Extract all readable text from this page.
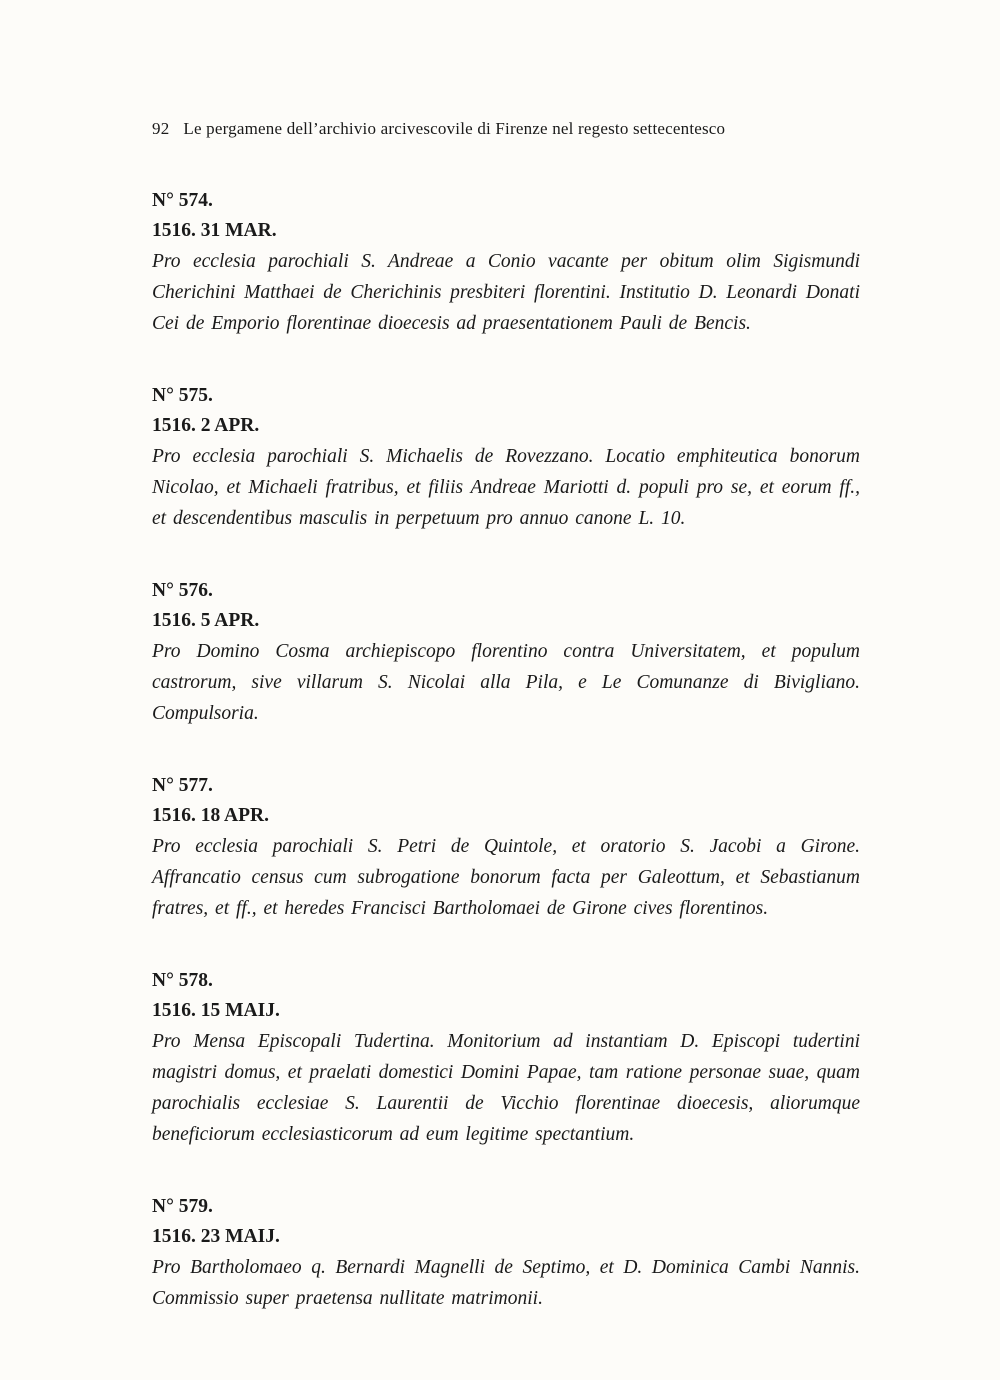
92 Le pergamene dell’archivio arcivescovile di Firenze nel regesto settecentesco
N° 574.
1516. 31 MAR.
Pro ecclesia parochiali S. Andreae a Conio vacante per obitum olim Sigismundi Cherichini Matthaei de Cherichinis presbiteri florentini. Institutio D. Leonardi Donati Cei de Emporio florentinae dioecesis ad praesentationem Pauli de Bencis.
N° 575.
1516. 2 APR.
Pro ecclesia parochiali S. Michaelis de Rovezzano. Locatio emphiteutica bonorum Nicolao, et Michaeli fratribus, et filiis Andreae Mariotti d. populi pro se, et eorum ff., et descendentibus masculis in perpetuum pro annuo canone L. 10.
N° 576.
1516. 5 APR.
Pro Domino Cosma archiepiscopo florentino contra Universitatem, et populum castrorum, sive villarum S. Nicolai alla Pila, e Le Comunanze di Bivigliano. Compulsoria.
N° 577.
1516. 18 APR.
Pro ecclesia parochiali S. Petri de Quintole, et oratorio S. Jacobi a Girone. Affrancatio census cum subrogatione bonorum facta per Galeottum, et Sebastianum fratres, et ff., et heredes Francisci Bartholomaei de Girone cives florentinos.
N° 578.
1516. 15 MAIJ.
Pro Mensa Episcopali Tudertina. Monitorium ad instantiam D. Episcopi tudertini magistri domus, et praelati domestici Domini Papae, tam ratione personae suae, quam parochialis ecclesiae S. Laurentii de Vicchio florentinae dioecesis, aliorumque beneficiorum ecclesiasticorum ad eum legitime spectantium.
N° 579.
1516. 23 MAIJ.
Pro Bartholomaeo q. Bernardi Magnelli de Septimo, et D. Dominica Cambi Nannis. Commissio super praetensa nullitate matrimonii.
